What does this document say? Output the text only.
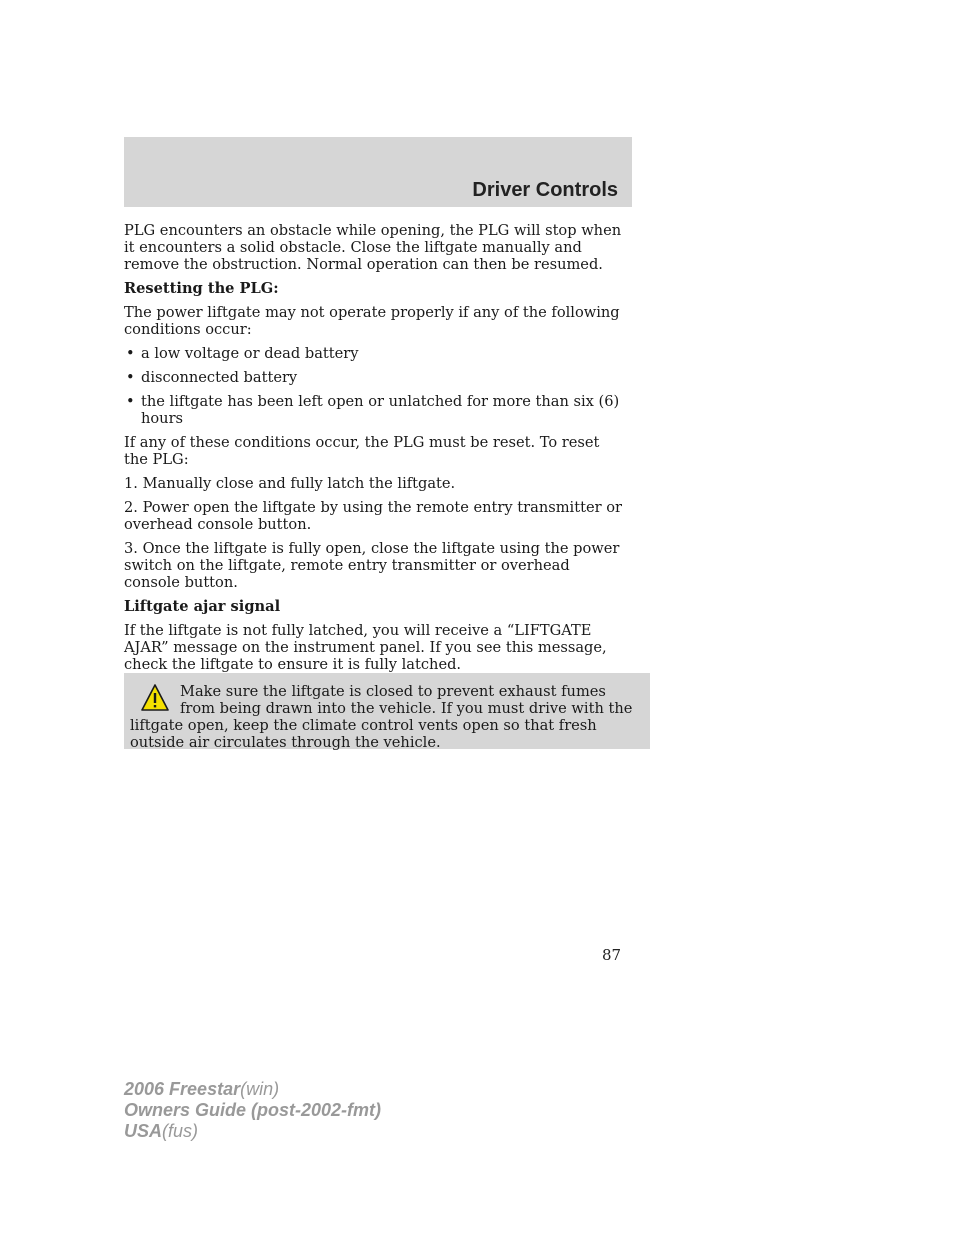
Driver Controls

PLG encounters an obstacle while opening, the PLG will stop when it encounters a solid obstacle. Close the liftgate manually and remove the obstruction. Normal operation can then be resumed.

Resetting the PLG:

The power liftgate may not operate properly if any of the following conditions occur:

• a low voltage or dead battery
• disconnected battery
• the liftgate has been left open or unlatched for more than six (6) hours

If any of these conditions occur, the PLG must be reset. To reset the PLG:

1. Manually close and fully latch the liftgate.

2. Power open the liftgate by using the remote entry transmitter or overhead console button.

3. Once the liftgate is fully open, close the liftgate using the power switch on the liftgate, remote entry transmitter or overhead console button.

Liftgate ajar signal

If the liftgate is not fully latched, you will receive a “LIFTGATE AJAR” message on the instrument panel. If you see this message, check the liftgate to ensure it is fully latched.

Make sure the liftgate is closed to prevent exhaust fumes from being drawn into the vehicle. If you must drive with the liftgate open, keep the climate control vents open so that fresh outside air circulates through the vehicle.

87
2006 Freestar(win)
Owners Guide (post-2002-fmt)
USA(fus)
